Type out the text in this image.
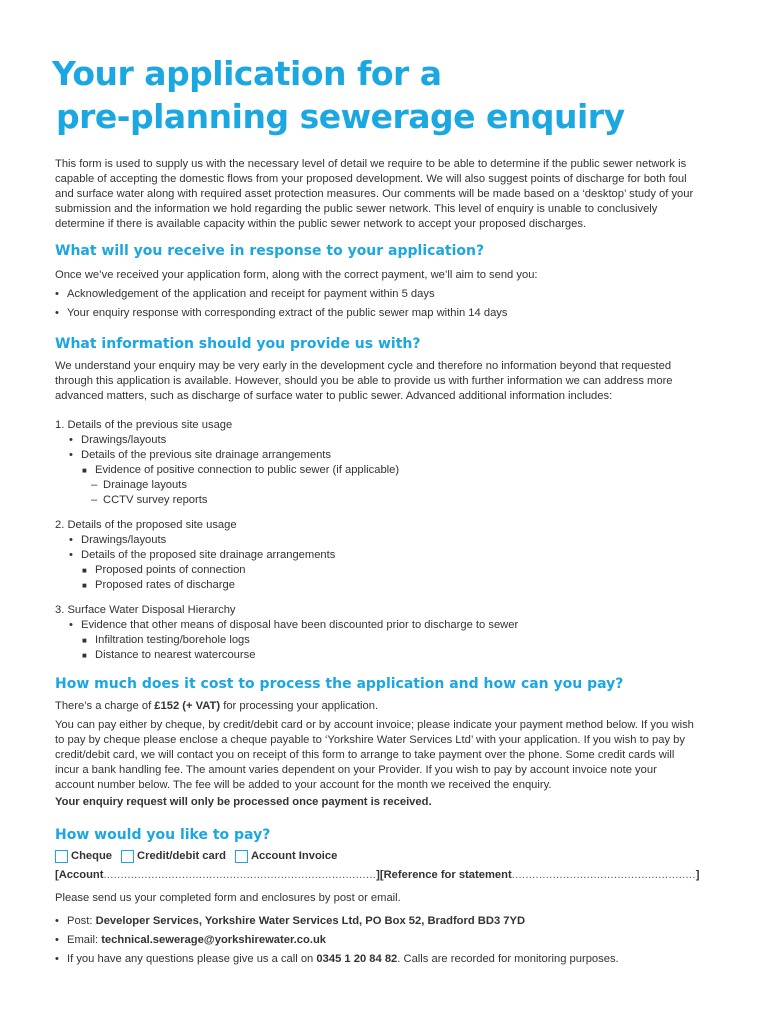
Your application for a
pre-planning sewerage enquiry

This form is used to supply us with the necessary level of detail we require to be able to determine if the public sewer network is capable of accepting the domestic flows from your proposed development. We will also suggest points of discharge for both foul and surface water along with required asset protection measures. Our comments will be made based on a ‘desktop’ study of your submission and the information we hold regarding the public sewer network. This level of enquiry is unable to conclusively determine if there is available capacity within the public sewer network to accept your proposed discharges.

What will you receive in response to your application?

Once we’ve received your application form, along with the correct payment, we’ll aim to send you:

• Acknowledgement of the application and receipt for payment within 5 days
• Your enquiry response with corresponding extract of the public sewer map within 14 days
What information should you provide us with?

We understand your enquiry may be very early in the development cycle and therefore no information beyond that requested through this application is available. However, should you be able to provide us with further information we can address more advanced matters, such as discharge of surface water to public sewer. Advanced additional information includes:

1. Details of the previous site usage
• Drawings/layouts
• Details of the previous site drainage arrangements
■ Evidence of positive connection to public sewer (if applicable)
– Drainage layouts
– CCTV survey reports
2. Details of the proposed site usage
• Drawings/layouts
• Details of the proposed site drainage arrangements
■ Proposed points of connection
■ Proposed rates of discharge
3. Surface Water Disposal Hierarchy
• Evidence that other means of disposal have been discounted prior to discharge to sewer
■ Infiltration testing/borehole logs
■ Distance to nearest watercourse
How much does it cost to process the application and how can you pay?

There’s a charge of £152 (+ VAT) for processing your application.

You can pay either by cheque, by credit/debit card or by account invoice; please indicate your payment method below. If you wish to pay by cheque please enclose a cheque payable to ‘Yorkshire Water Services Ltd’ with your application. If you wish to pay by credit/debit card, we will contact you on receipt of this form to arrange to take payment over the phone. Some credit cards will incur a bank handling fee. The amount varies dependent on your Provider. If you wish to pay by account invoice note your account number below. The fee will be added to your account for the month we received the enquiry.

Your enquiry request will only be processed once payment is received.

How would you like to pay?
Cheque Credit/debit card Account Invoice
[Account................................................................................][Reference for statement......................................................]

Please send us your completed form and enclosures by post or email.

• Post: Developer Services, Yorkshire Water Services Ltd, PO Box 52, Bradford BD3 7YD
• Email: technical.sewerage@yorkshirewater.co.uk
• If you have any questions please give us a call on 0345 1 20 84 82. Calls are recorded for monitoring purposes.
